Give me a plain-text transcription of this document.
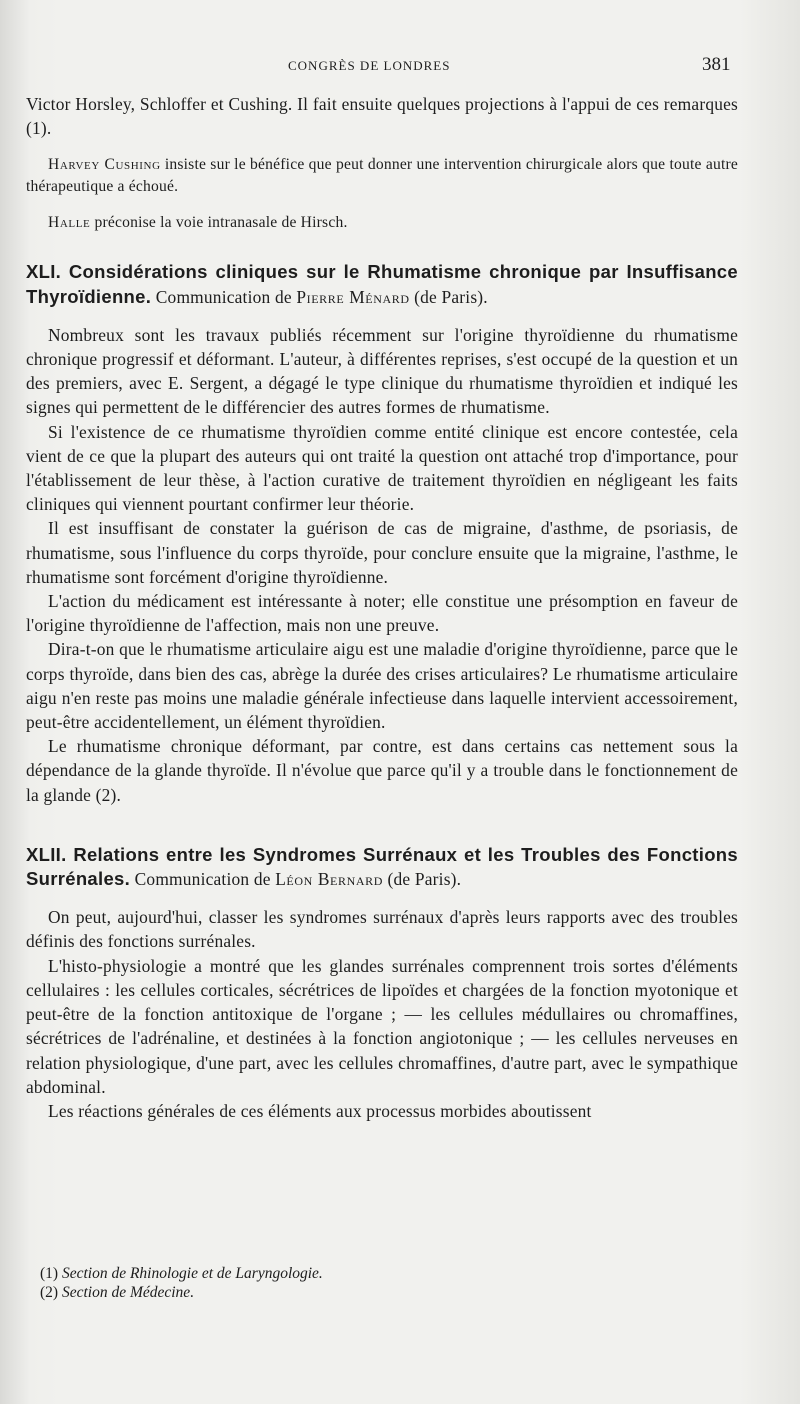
CONGRÈS DE LONDRES	381

Victor Horsley, Schloffer et Cushing. Il fait ensuite quelques projections à l'appui de ces remarques (1).

Harvey Cushing insiste sur le bénéfice que peut donner une intervention chirurgicale alors que toute autre thérapeutique a échoué.

Halle préconise la voie intranasale de Hirsch.

XLI. Considérations cliniques sur le Rhumatisme chronique par Insuffisance Thyroïdienne. Communication de Pierre Ménard (de Paris).

Nombreux sont les travaux publiés récemment sur l'origine thyroïdienne du rhumatisme chronique progressif et déformant. L'auteur, à différentes reprises, s'est occupé de la question et un des premiers, avec E. Sergent, a dégagé le type clinique du rhumatisme thyroïdien et indiqué les signes qui permettent de le différencier des autres formes de rhumatisme.

Si l'existence de ce rhumatisme thyroïdien comme entité clinique est encore contestée, cela vient de ce que la plupart des auteurs qui ont traité la question ont attaché trop d'importance, pour l'établissement de leur thèse, à l'action curative de traitement thyroïdien en négligeant les faits cliniques qui viennent pourtant confirmer leur théorie.

Il est insuffisant de constater la guérison de cas de migraine, d'asthme, de psoriasis, de rhumatisme, sous l'influence du corps thyroïde, pour conclure ensuite que la migraine, l'asthme, le rhumatisme sont forcément d'origine thyroïdienne.

L'action du médicament est intéressante à noter; elle constitue une présomption en faveur de l'origine thyroïdienne de l'affection, mais non une preuve.

Dira-t-on que le rhumatisme articulaire aigu est une maladie d'origine thyroïdienne, parce que le corps thyroïde, dans bien des cas, abrège la durée des crises articulaires? Le rhumatisme articulaire aigu n'en reste pas moins une maladie générale infectieuse dans laquelle intervient accessoirement, peut-être accidentellement, un élément thyroïdien.

Le rhumatisme chronique déformant, par contre, est dans certains cas nettement sous la dépendance de la glande thyroïde. Il n'évolue que parce qu'il y a trouble dans le fonctionnement de la glande (2).

XLII. Relations entre les Syndromes Surrénaux et les Troubles des Fonctions Surrénales. Communication de Léon Bernard (de Paris).

On peut, aujourd'hui, classer les syndromes surrénaux d'après leurs rapports avec des troubles définis des fonctions surrénales.

L'histo-physiologie a montré que les glandes surrénales comprennent trois sortes d'éléments cellulaires : les cellules corticales, sécrétrices de lipoïdes et chargées de la fonction myotonique et peut-être de la fonction antitoxique de l'organe ; — les cellules médullaires ou chromaffines, sécrétrices de l'adrénaline, et destinées à la fonction angiotonique ; — les cellules nerveuses en relation physiologique, d'une part, avec les cellules chromaffines, d'autre part, avec le sympathique abdominal.

Les réactions générales de ces éléments aux processus morbides aboutissent

(1) Section de Rhinologie et de Laryngologie.
(2) Section de Médecine.
